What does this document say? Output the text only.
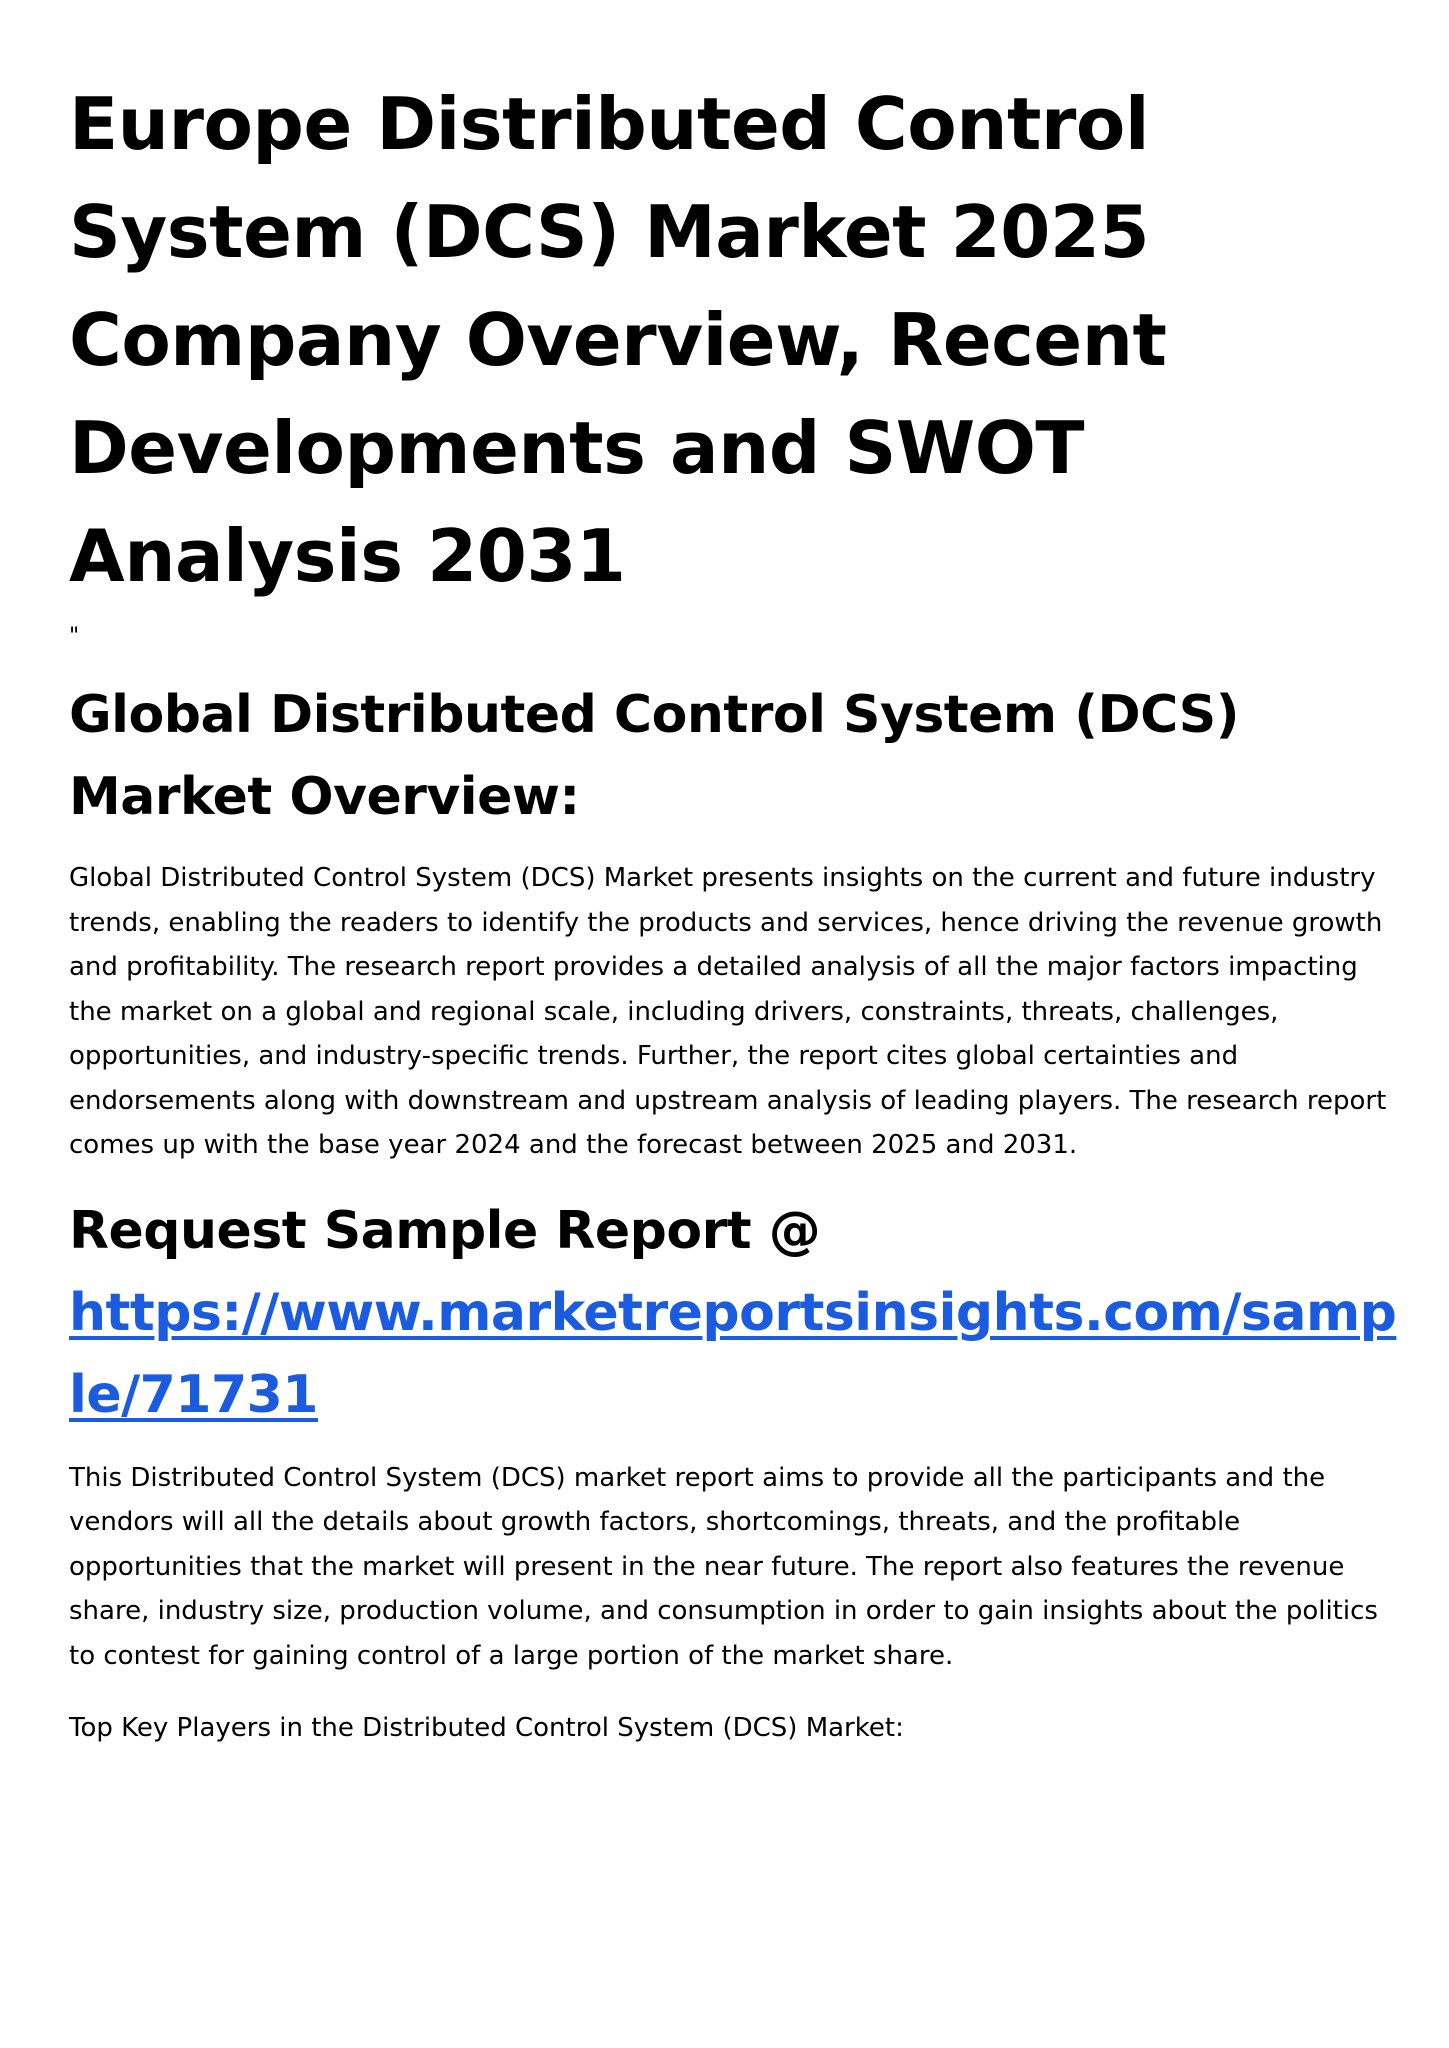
Europe Distributed Control System (DCS) Market 2025 Company Overview, Recent Developments and SWOT Analysis 2031
"
Global Distributed Control System (DCS) Market Overview:

Global Distributed Control System (DCS) Market presents insights on the current and future industry trends, enabling the readers to identify the products and services, hence driving the revenue growth and profitability. The research report provides a detailed analysis of all the major factors impacting the market on a global and regional scale, including drivers, constraints, threats, challenges, opportunities, and industry-specific trends. Further, the report cites global certainties and endorsements along with downstream and upstream analysis of leading players. The research report comes up with the base year 2024 and the forecast between 2025 and 2031.

Request Sample Report @
https://www.marketreportsinsights.com/sample/71731

This Distributed Control System (DCS) market report aims to provide all the participants and the vendors will all the details about growth factors, shortcomings, threats, and the profitable opportunities that the market will present in the near future. The report also features the revenue share, industry size, production volume, and consumption in order to gain insights about the politics to contest for gaining control of a large portion of the market share.

Top Key Players in the Distributed Control System (DCS) Market:
